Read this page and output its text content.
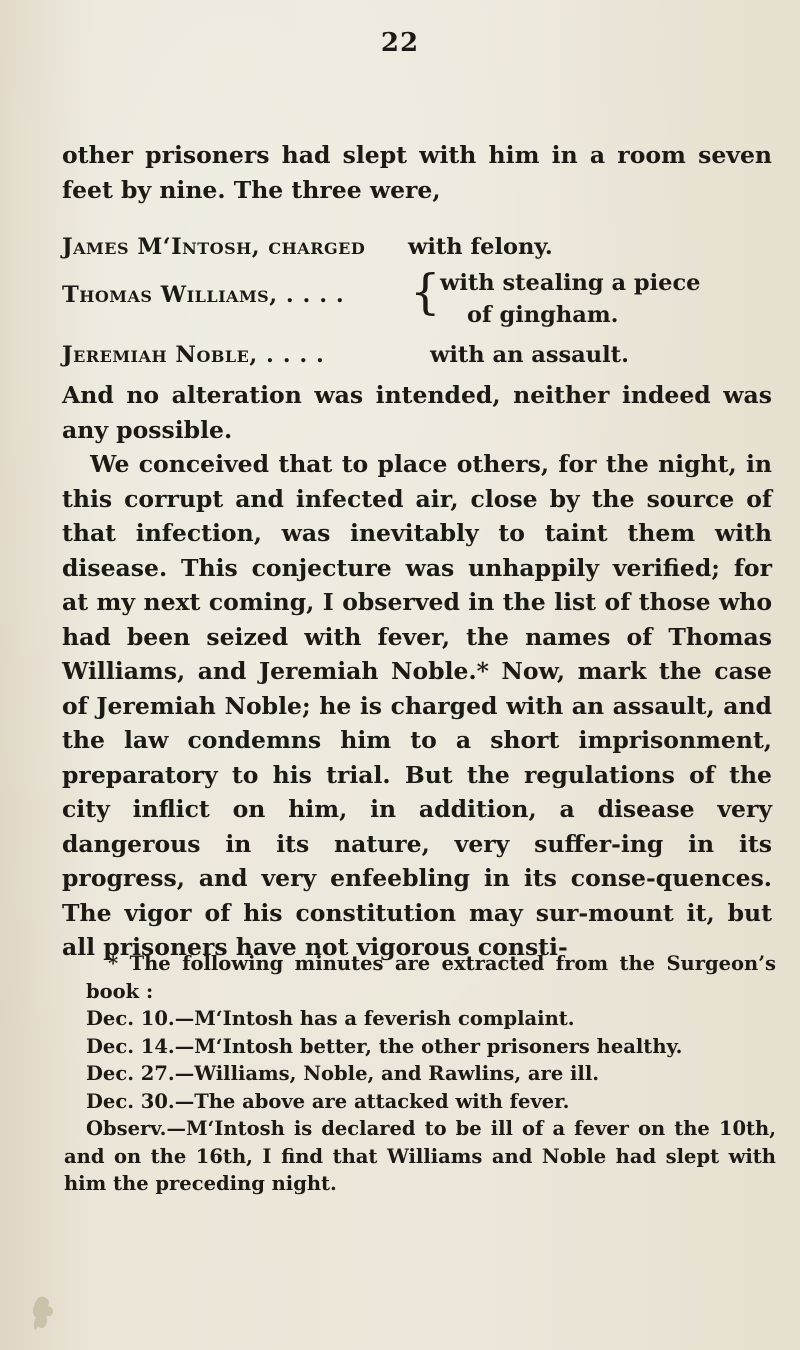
22
other prisoners had slept with him in a room seven feet by nine. The three were,
James M‘Intosh, charged with felony.
Thomas Williams, . . . . { with stealing a piece
of gingham.
Jeremiah Noble, . . . .	with an assault.

And no alteration was intended, neither indeed was any possible.

We conceived that to place others, for the night, in this corrupt and infected air, close by the source of that infection, was inevitably to taint them with disease. This conjecture was unhappily verified; for at my next coming, I observed in the list of those who had been seized with fever, the names of Thomas Williams, and Jeremiah Noble.* Now, mark the case of Jeremiah Noble; he is charged with an assault, and the law condemns him to a short imprisonment, preparatory to his trial. But the regulations of the city inflict on him, in addition, a disease very dangerous in its nature, very suffer-ing in its progress, and very enfeebling in its conse-quences. The vigor of his constitution may sur-mount it, but all prisoners have not vigorous consti-

* The following minutes are extracted from the Surgeon’s book :

Dec. 10.—M‘Intosh has a feverish complaint.

Dec. 14.—M‘Intosh better, the other prisoners healthy.

Dec. 27.—Williams, Noble, and Rawlins, are ill.

Dec. 30.—The above are attacked with fever.

Observ.—M‘Intosh is declared to be ill of a fever on the 10th, and on the 16th, I find that Williams and Noble had slept with him the preceding night.
